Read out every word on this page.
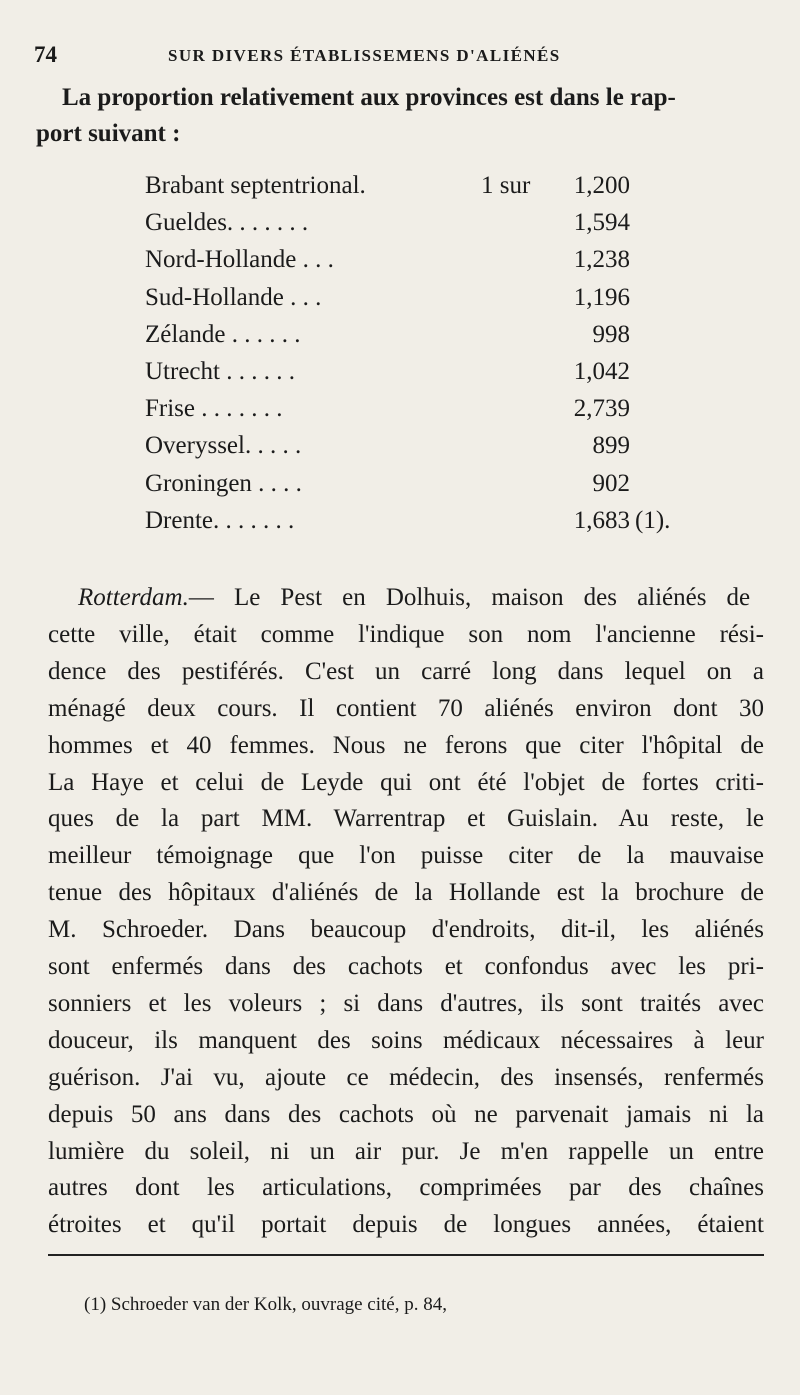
74	SUR DIVERS ÉTABLISSEMENS D'ALIÉNÉS
La proportion relativement aux provinces est dans le rap-
port suivant :
Brabant septentrional.	1 sur 1,200
Gueldes. . . . . . .	1,594
Nord-Hollande . . .	1,238
Sud-Hollande . . .	1,196
Zélande . . . . . .	998
Utrecht . . . . . .	1,042
Frise . . . . . . .	2,739
Overyssel. . . . .	899
Groningen . . . .	902
Drente. . . . . . .	1,683 (1).
Rotterdam.— Le Pest en Dolhuis, maison des aliénés de
cette ville, était comme l'indique son nom l'ancienne rési-
dence des pestiférés. C'est un carré long dans lequel on a
ménagé deux cours. Il contient 70 aliénés environ dont 30
hommes et 40 femmes. Nous ne ferons que citer l'hôpital de
La Haye et celui de Leyde qui ont été l'objet de fortes criti-
ques de la part MM. Warrentrap et Guislain. Au reste, le
meilleur témoignage que l'on puisse citer de la mauvaise
tenue des hôpitaux d'aliénés de la Hollande est la brochure de
M. Schroeder. Dans beaucoup d'endroits, dit-il, les aliénés
sont enfermés dans des cachots et confondus avec les pri-
sonniers et les voleurs ; si dans d'autres, ils sont traités avec
douceur, ils manquent des soins médicaux nécessaires à leur
guérison. J'ai vu, ajoute ce médecin, des insensés, renfermés
depuis 50 ans dans des cachots où ne parvenait jamais ni la
lumière du soleil, ni un air pur. Je m'en rappelle un entre
autres dont les articulations, comprimées par des chaînes
étroites et qu'il portait depuis de longues années, étaient
(1) Schroeder van der Kolk, ouvrage cité, p. 84,
